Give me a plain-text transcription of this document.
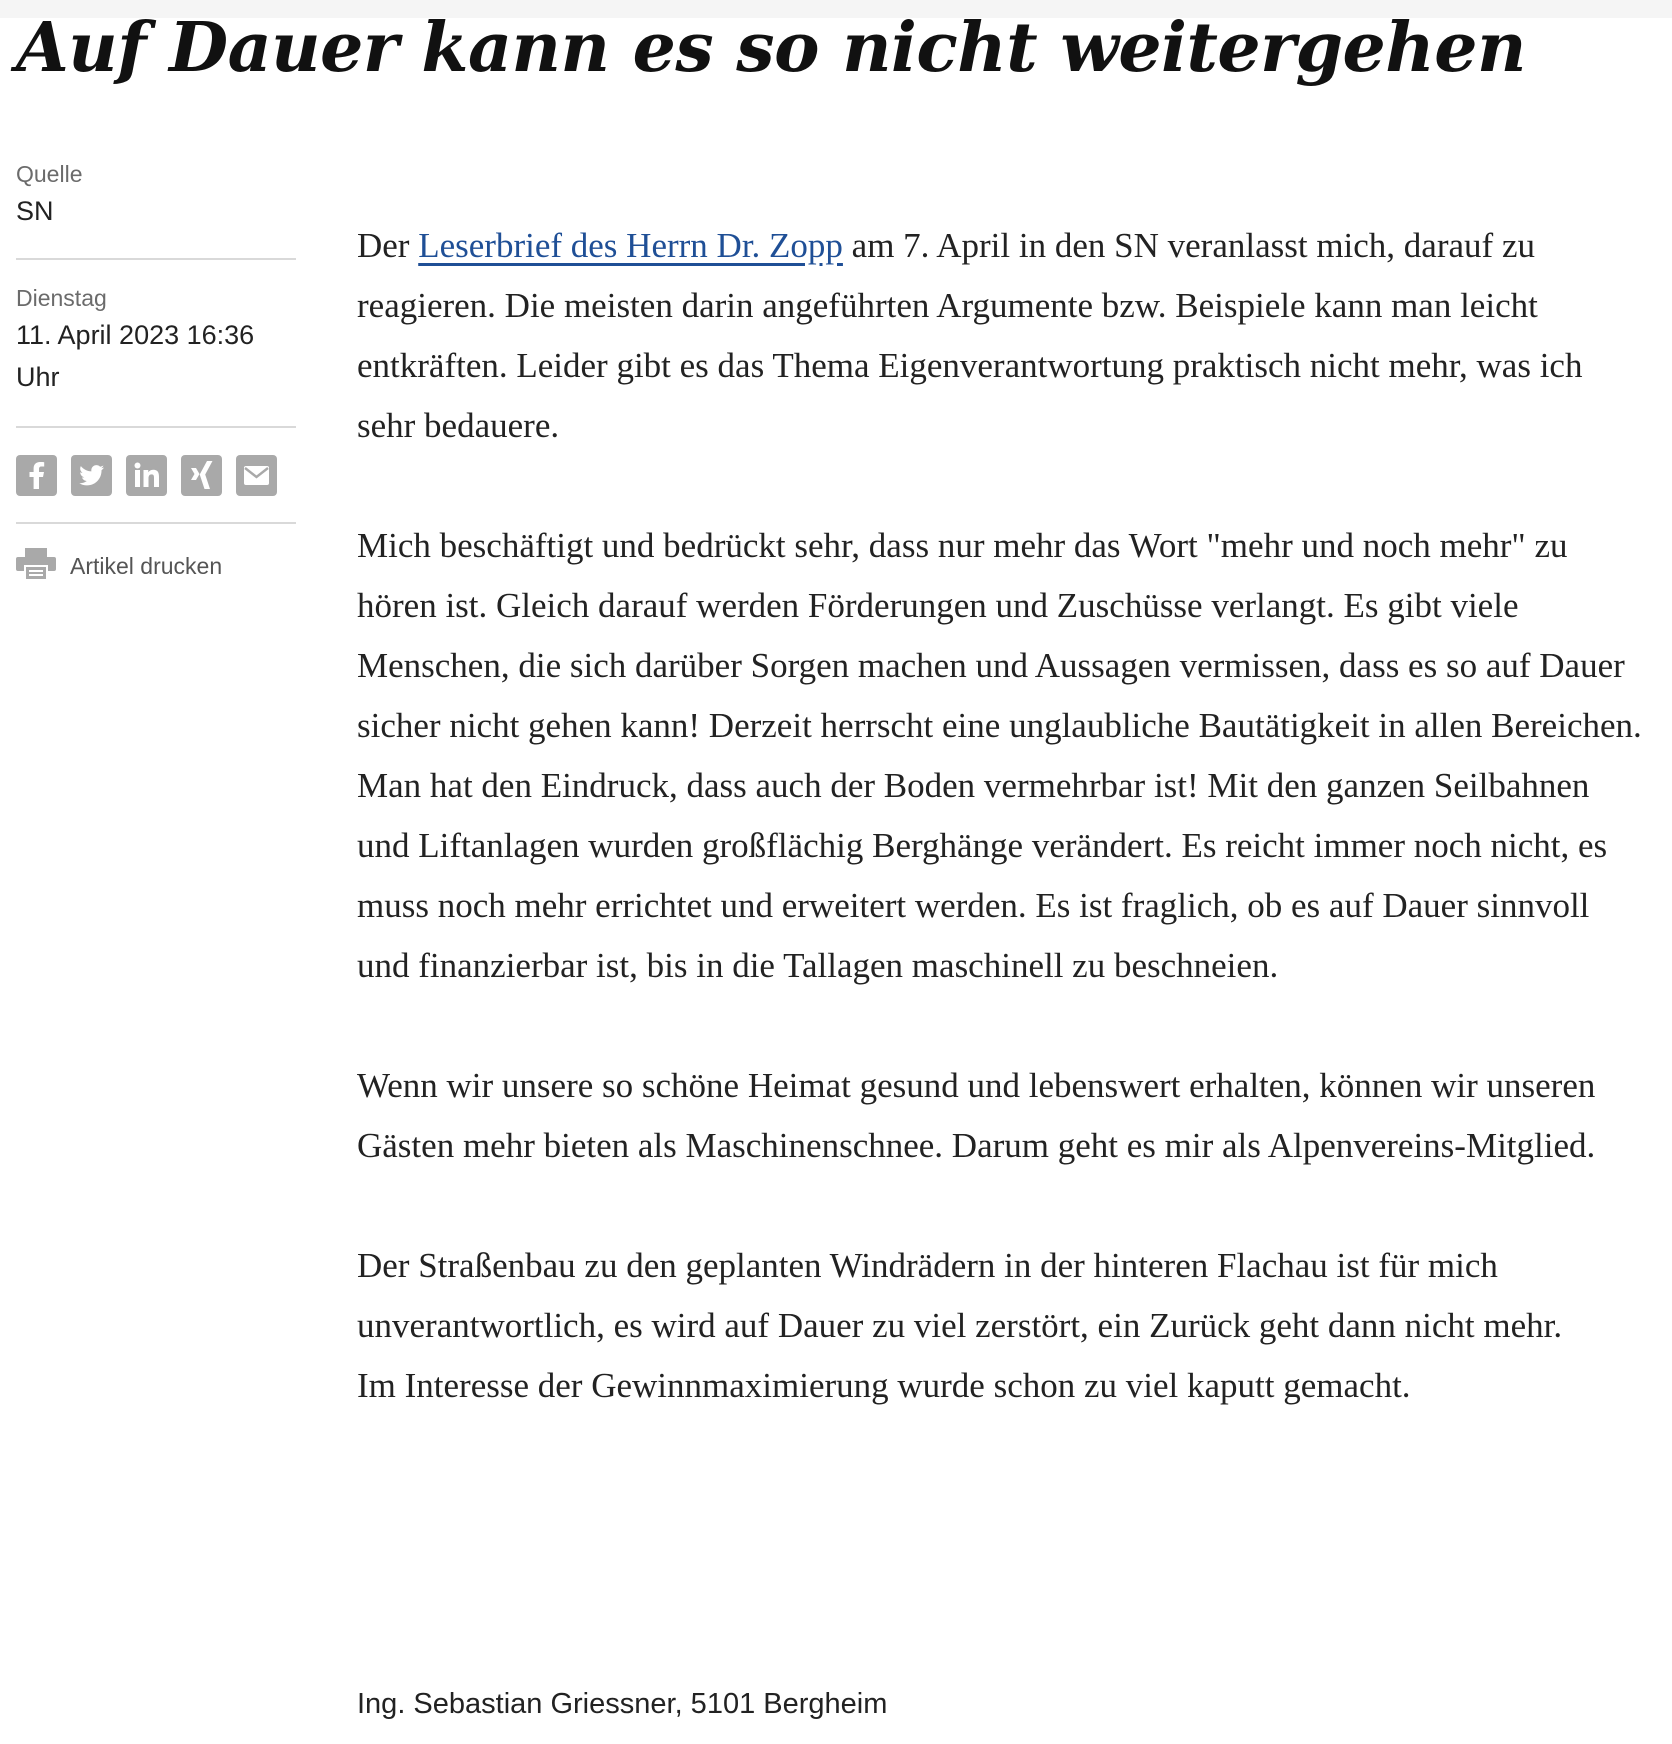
Auf Dauer kann es so nicht weitergehen
Quelle
SN
Dienstag
11. April 2023 16:36 Uhr
Artikel drucken

Der Leserbrief des Herrn Dr. Zopp am 7. April in den SN veranlasst mich, darauf zu reagieren. Die meisten darin angeführten Argumente bzw. Beispiele kann man leicht entkräften. Leider gibt es das Thema Eigenverantwortung praktisch nicht mehr, was ich sehr bedauere.

Mich beschäftigt und bedrückt sehr, dass nur mehr das Wort "mehr und noch mehr" zu hören ist. Gleich darauf werden Förderungen und Zuschüsse verlangt. Es gibt viele Menschen, die sich darüber Sorgen machen und Aussagen vermissen, dass es so auf Dauer sicher nicht gehen kann! Derzeit herrscht eine unglaubliche Bautätigkeit in allen Bereichen. Man hat den Eindruck, dass auch der Boden vermehrbar ist! Mit den ganzen Seilbahnen und Liftanlagen wurden großflächig Berghänge verändert. Es reicht immer noch nicht, es muss noch mehr errichtet und erweitert werden. Es ist fraglich, ob es auf Dauer sinnvoll und finanzierbar ist, bis in die Tallagen maschinell zu beschneien.

Wenn wir unsere so schöne Heimat gesund und lebenswert erhalten, können wir unseren Gästen mehr bieten als Maschinenschnee. Darum geht es mir als Alpenvereins-Mitglied.

Der Straßenbau zu den geplanten Windrädern in der hinteren Flachau ist für mich unverantwortlich, es wird auf Dauer zu viel zerstört, ein Zurück geht dann nicht mehr.

Im Interesse der Gewinnmaximierung wurde schon zu viel kaputt gemacht.

Ing. Sebastian Griessner, 5101 Bergheim
